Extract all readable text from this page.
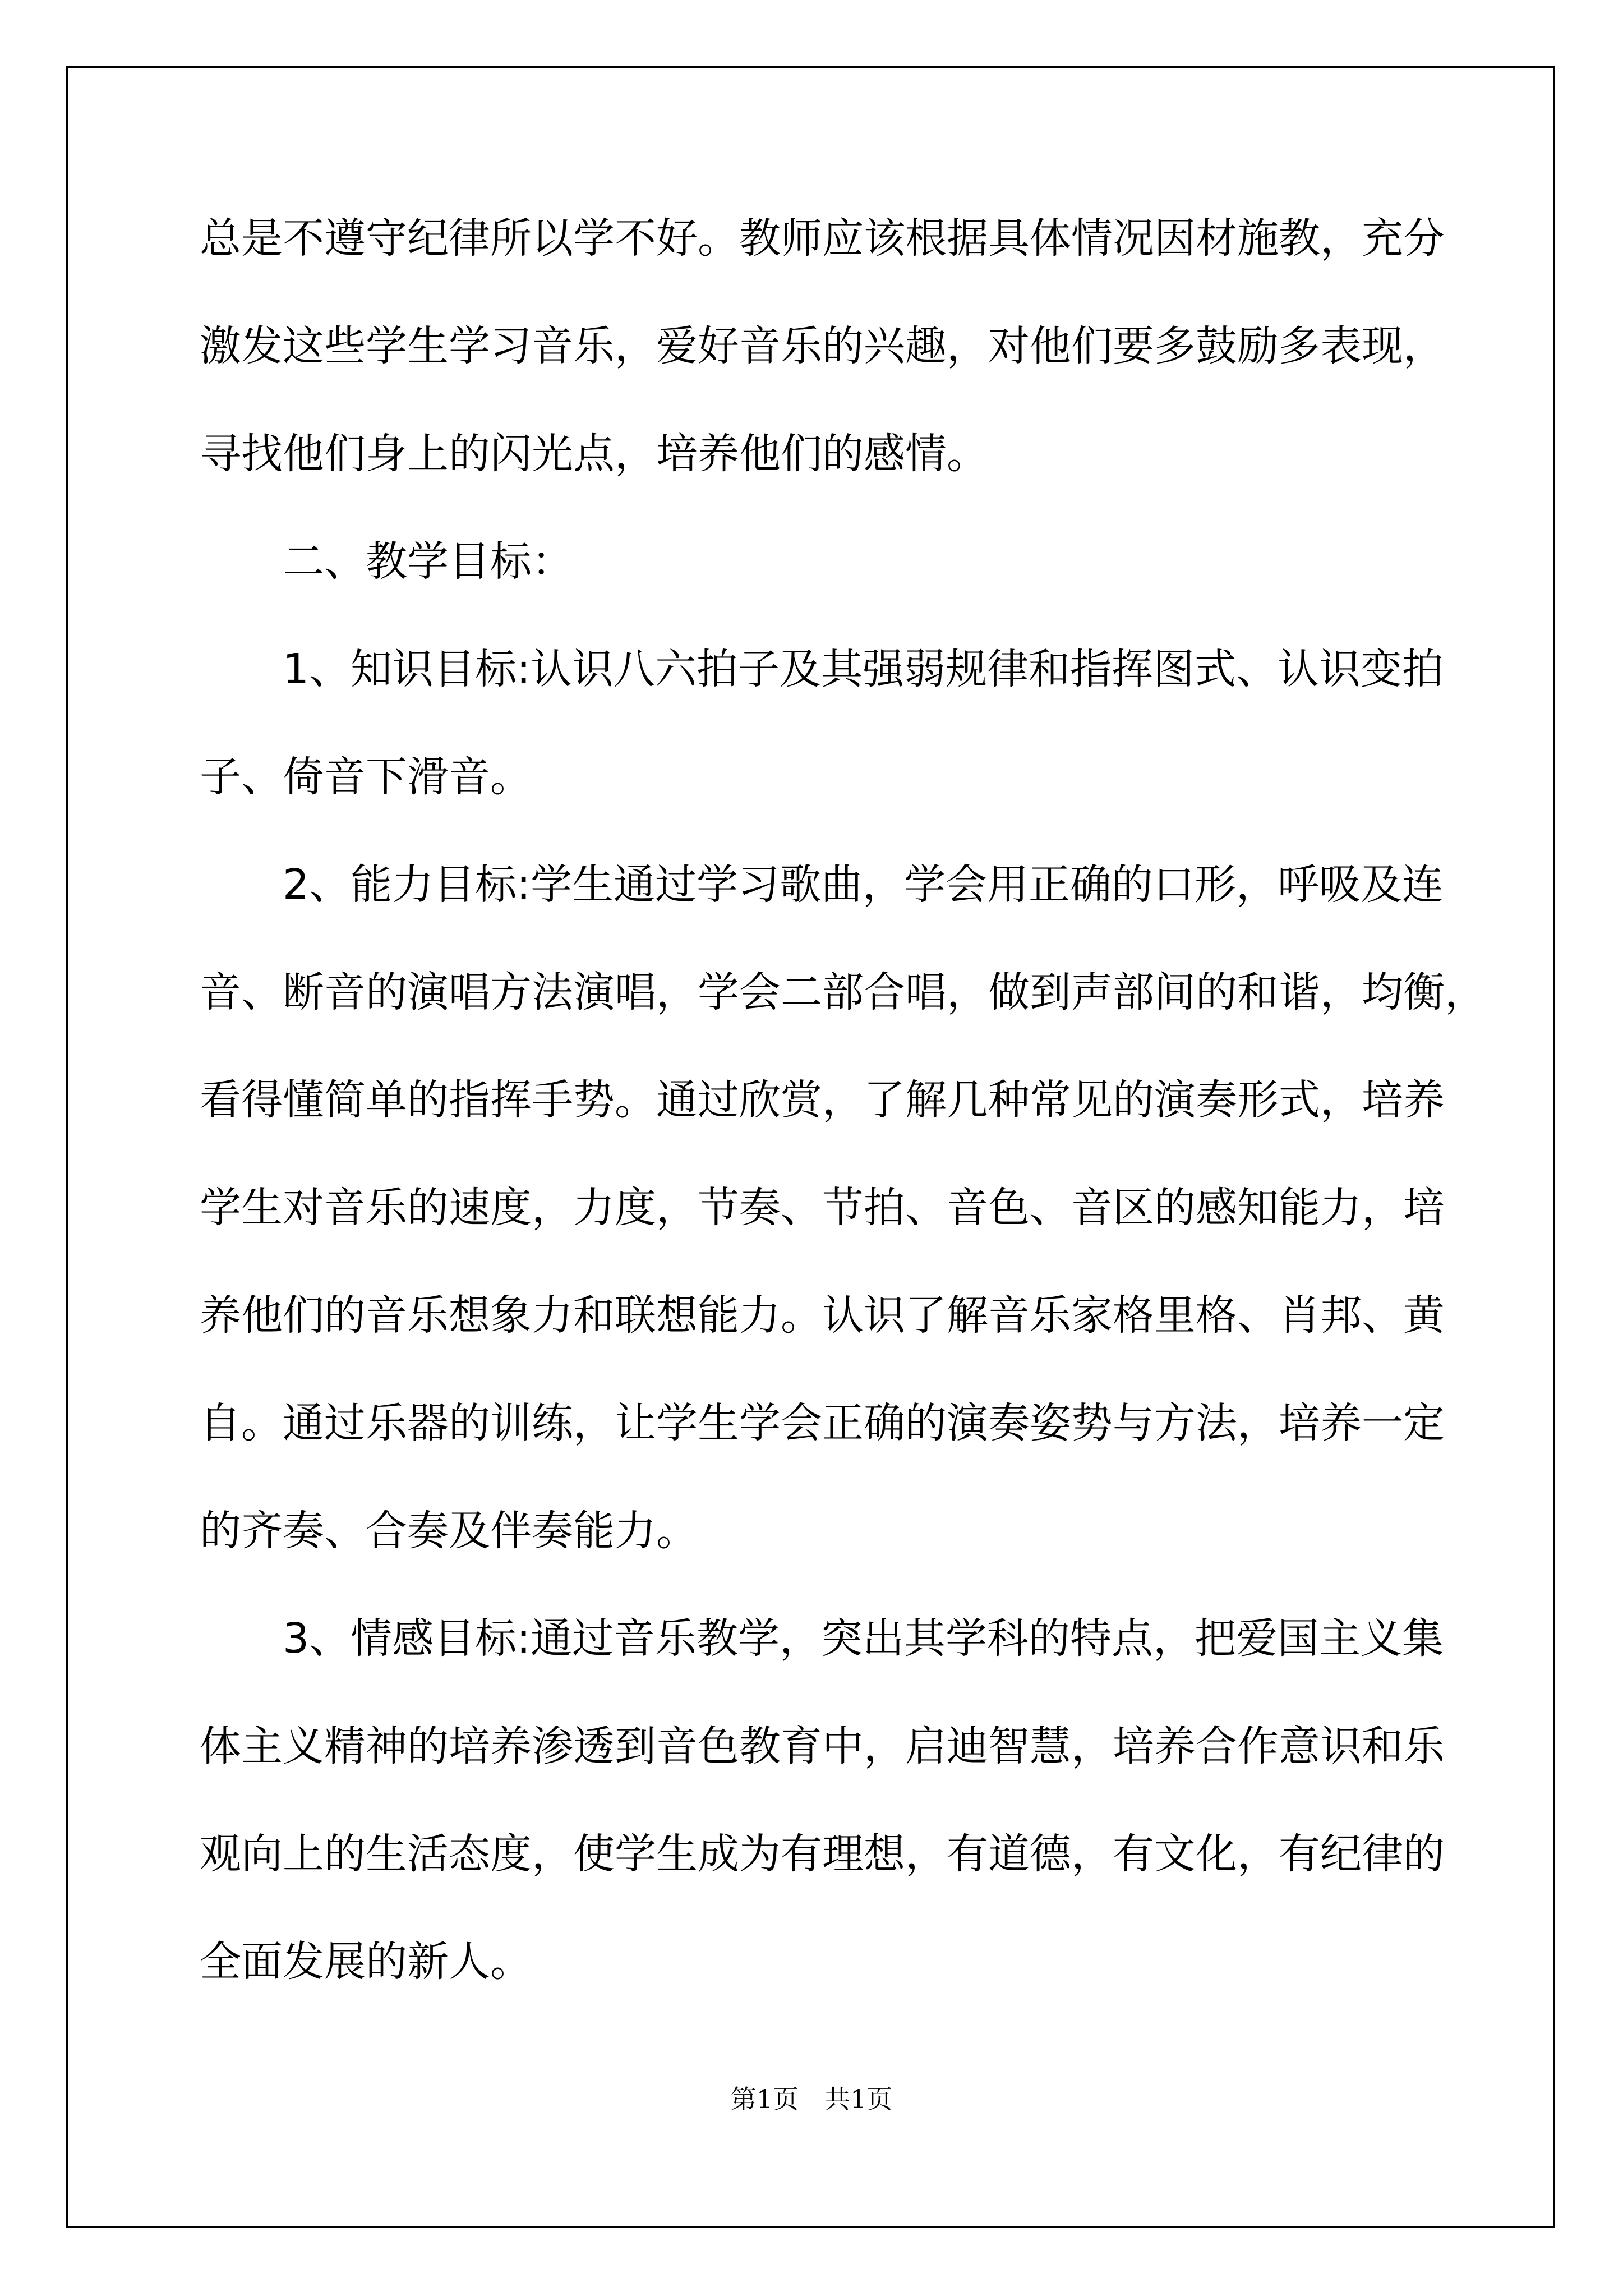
总是不遵守纪律所以学不好。教师应该根据具体情况因材施教，充分
激发这些学生学习音乐，爱好音乐的兴趣，对他们要多鼓励多表现，
寻找他们身上的闪光点，培养他们的感情。
二、教学目标：
1、知识目标:认识八六拍子及其强弱规律和指挥图式、认识变拍
子、倚音下滑音。
2、能力目标:学生通过学习歌曲，学会用正确的口形，呼吸及连
音、断音的演唱方法演唱，学会二部合唱，做到声部间的和谐，均衡，
看得懂简单的指挥手势。通过欣赏，了解几种常见的演奏形式，培养
学生对音乐的速度，力度，节奏、节拍、音色、音区的感知能力，培
养他们的音乐想象力和联想能力。认识了解音乐家格里格、肖邦、黄
自。通过乐器的训练，让学生学会正确的演奏姿势与方法，培养一定
的齐奏、合奏及伴奏能力。
3、情感目标:通过音乐教学，突出其学科的特点，把爱国主义集
体主义精神的培养渗透到音色教育中，启迪智慧，培养合作意识和乐
观向上的生活态度，使学生成为有理想，有道德，有文化，有纪律的
全面发展的新人。
第1页　共1页
